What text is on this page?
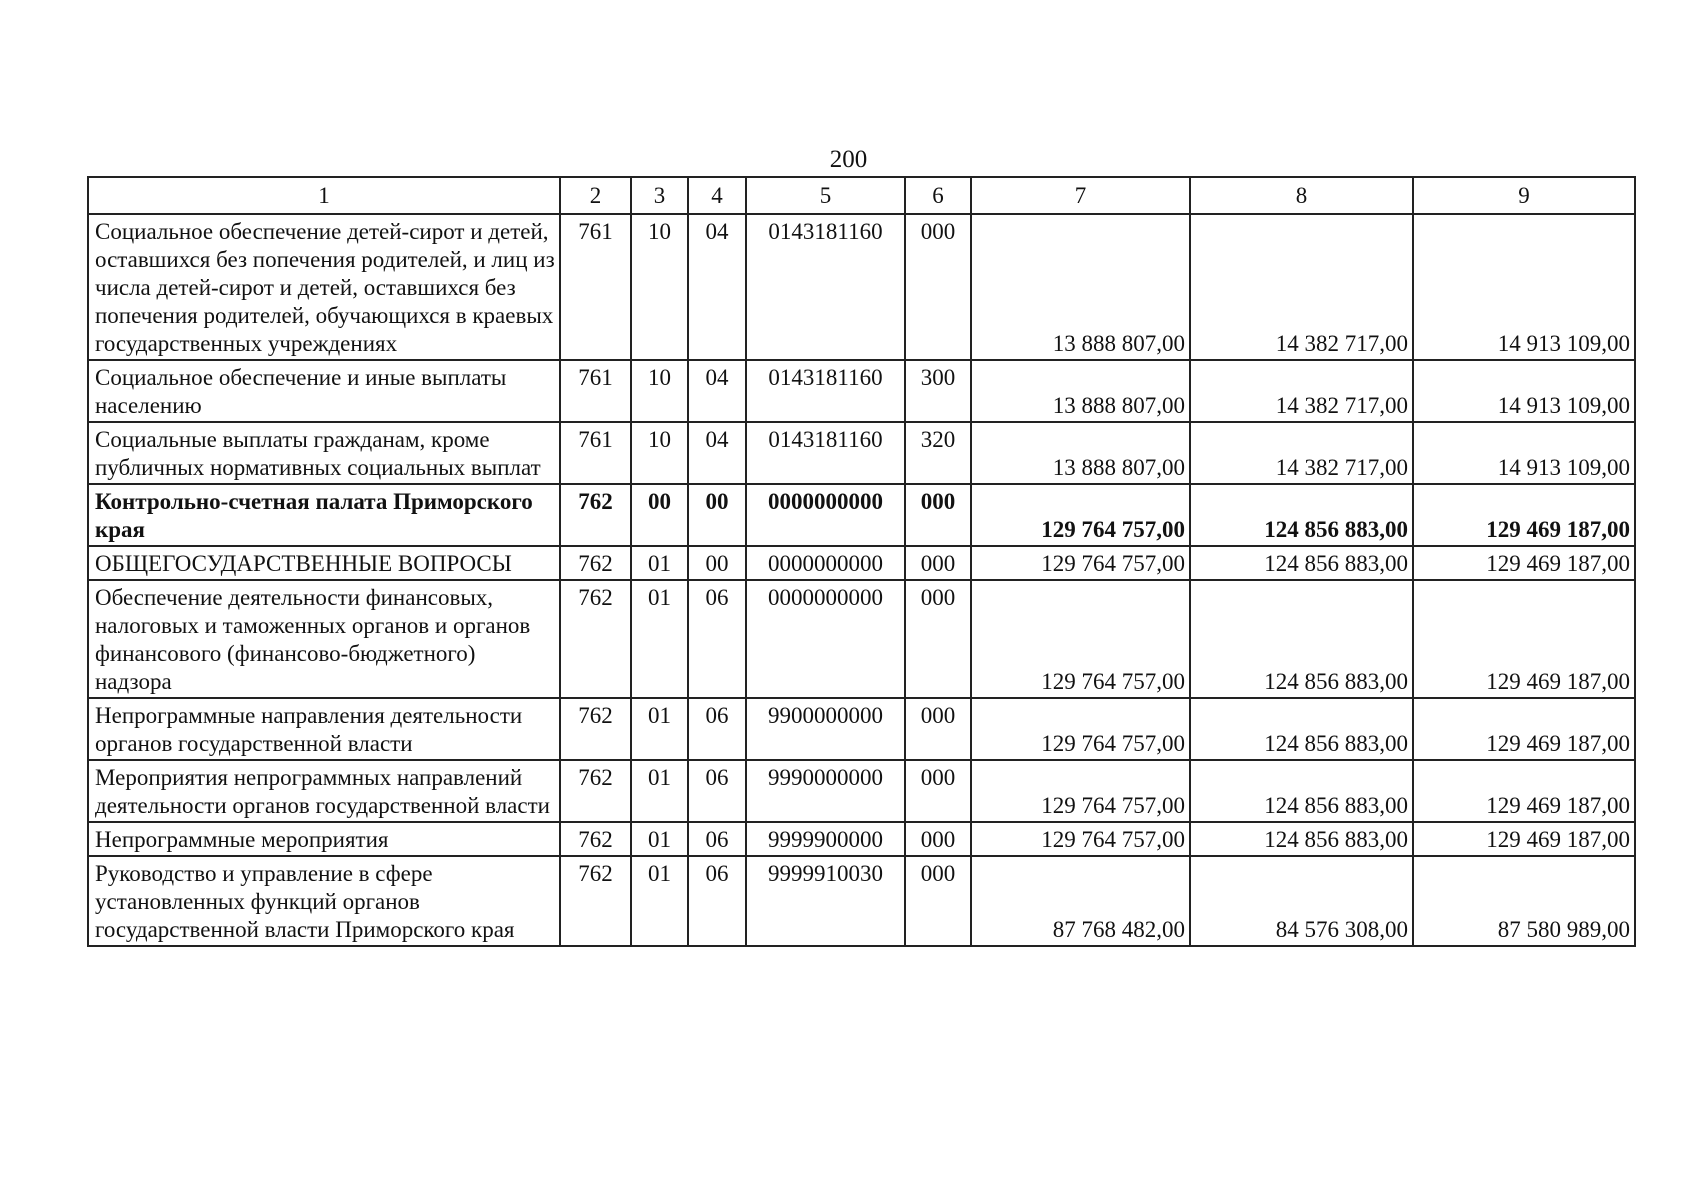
200
1	2	3	4	5	6	7	8	9
Социальное обеспечение детей-сирот и детей, оставшихся без попечения родителей, и лиц из числа детей-сирот и детей, оставшихся без попечения родителей, обучающихся в краевых государственных учреждениях	761	10	04	0143181160	000	13 888 807,00	14 382 717,00	14 913 109,00
Социальное обеспечение и иные выплаты населению	761	10	04	0143181160	300	13 888 807,00	14 382 717,00	14 913 109,00
Социальные выплаты гражданам, кроме публичных нормативных социальных выплат	761	10	04	0143181160	320	13 888 807,00	14 382 717,00	14 913 109,00
Контрольно-счетная палата Приморского края	762	00	00	0000000000	000	129 764 757,00	124 856 883,00	129 469 187,00
ОБЩЕГОСУДАРСТВЕННЫЕ ВОПРОСЫ	762	01	00	0000000000	000	129 764 757,00	124 856 883,00	129 469 187,00
Обеспечение деятельности финансовых, налоговых и таможенных органов и органов финансового (финансово-бюджетного) надзора	762	01	06	0000000000	000	129 764 757,00	124 856 883,00	129 469 187,00
Непрограммные направления деятельности органов государственной власти	762	01	06	9900000000	000	129 764 757,00	124 856 883,00	129 469 187,00
Мероприятия непрограммных направлений деятельности органов государственной власти	762	01	06	9990000000	000	129 764 757,00	124 856 883,00	129 469 187,00
Непрограммные мероприятия	762	01	06	9999900000	000	129 764 757,00	124 856 883,00	129 469 187,00
Руководство и управление в сфере установленных функций органов государственной власти Приморского края	762	01	06	9999910030	000	87 768 482,00	84 576 308,00	87 580 989,00
